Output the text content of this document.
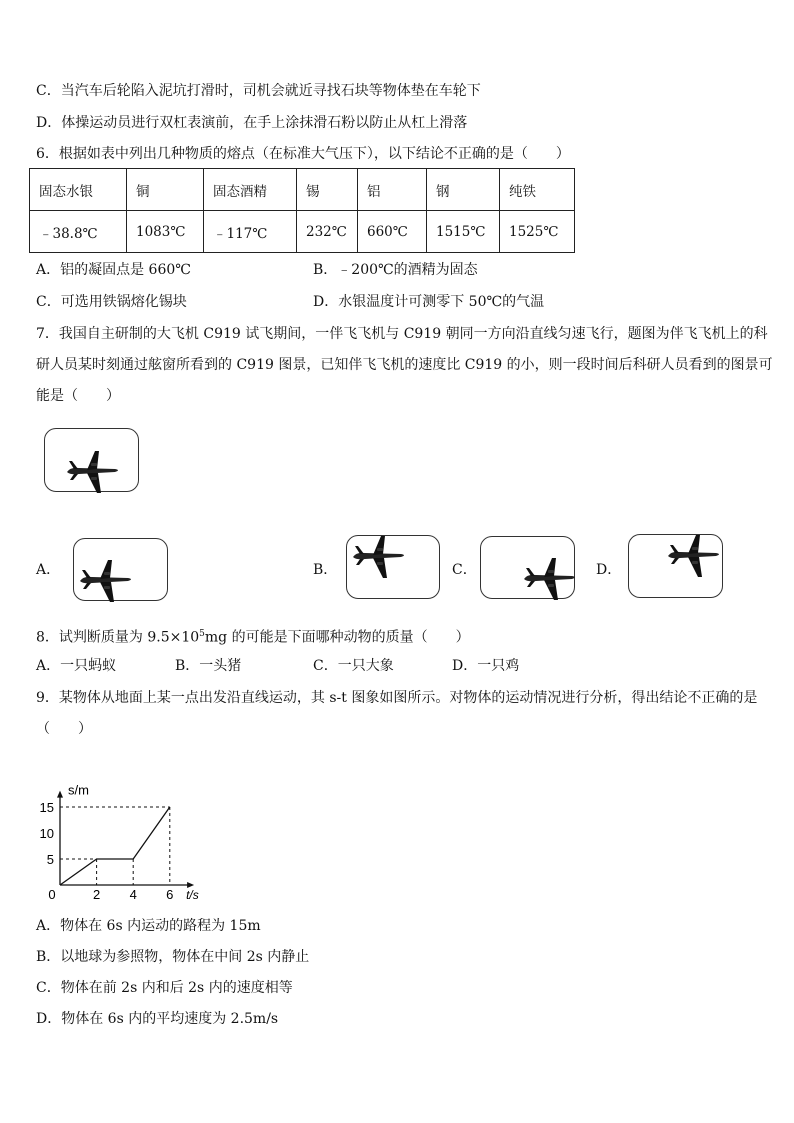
C．当汽车后轮陷入泥坑打滑时，司机会就近寻找石块等物体垫在车轮下
D．体操运动员进行双杠表演前，在手上涂抹滑石粉以防止从杠上滑落
6．根据如表中列出几种物质的熔点（在标准大气压下），以下结论不正确的是（　　）
固态水银	铜	固态酒精	锡	铝	钢	纯铁
﹣38.8℃	1083℃	﹣117℃	232℃	660℃	1515℃	1525℃
A．铝的凝固点是 660℃	B．﹣200℃的酒精为固态
C．可选用铁锅熔化锡块	D．水银温度计可测零下 50℃的气温
7．我国自主研制的大飞机 C919 试飞期间，一伴飞飞机与 C919 朝同一方向沿直线匀速飞行，题图为伴飞飞机上的科
研人员某时刻通过舷窗所看到的 C919 图景，已知伴飞飞机的速度比 C919 的小，则一段时间后科研人员看到的图景可
能是（　　）
A．	B．	C．	D．
8．试判断质量为 $9.5\times 10^5mg$ 的可能是下面哪种动物的质量（　　）
A．一只蚂蚁	B．一头猪	C．一只大象	D．一只鸡
9．某物体从地面上某一点出发沿直线运动，其 s-t 图象如图所示。对物体的运动情况进行分析，得出结论不正确的是
（　　）
0	2 4 6
5
10
15
s/m
t/s
A．物体在 6s 内运动的路程为 15m
B．以地球为参照物，物体在中间 2s 内静止
C．物体在前 2s 内和后 2s 内的速度相等
D．物体在 6s 内的平均速度为 2.5m/s
